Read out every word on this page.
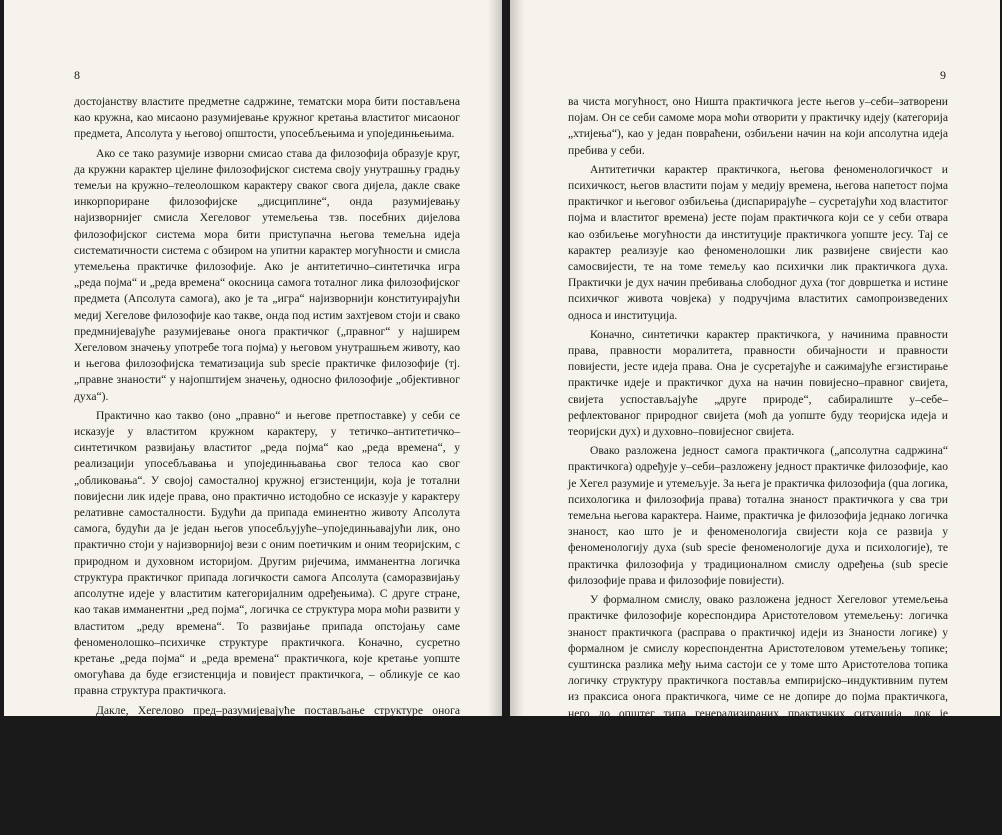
8

достојанству властите предметне садржине, тематски мора бити постављена као кружна, као мисаоно разумијевање кружног кретања властитог мисаоног предмета, Апсолута у његовој општости, упосебљењима и упојединњењима.

Ако се тако разумије изворни смисао става да филозофија образује круг, да кружни карактер цјелине филозофијског система своју унутрашњу градњу темељи на кружно–телеолошком карактеру сваког свога дијела, дакле сваке инкорпориране филозофијске „дисциплине“, онда разумијевању најизворнијег смисла Хегеловог утемељења тзв. посебних дијелова филозофијског система мора бити приступачна његова темељна идеја систематичности система с обзиром на упитни карактер могућности и смисла утемељења практичке филозофије. Ако је антитетично–синтетичка игра „реда појма“ и „реда времена“ окосница самога тоталног лика филозофијског предмета (Апсолута самога), ако је та „игра“ најизворнији конституирајући медиј Хегелове филозофије као такве, онда под истим захтјевом стоји и свако предмнијевајуће разумијевање онога практичког („правног“ у најширем Хегеловом значењу употребе тога појма) у његовом унутрашњем животу, као и његова филозофијска тематизација sub specie практичке филозофије (тј. „правне знаности“ у најопштијем значењу, односно филозофије „објективног духа“).

Практично као такво (оно „правно“ и његове претпоставке) у себи се исказује у властитом кружном карактеру, у тетичко–антитетичко–синтетичком развијању властитог „реда појма“ као „реда времена“, у реализацији упосебљавања и упојединњавања свог телоса као свог „обликовања“. У својој самосталној кружној егзистенцији, која је тотални повијесни лик идеје права, оно практично истодобно се исказује у карактеру релативне самосталности. Будући да припада еминентно животу Апсолута самога, будући да је један његов упосебљујуће–упојединњавајући лик, оно практично стоји у најизворнијој вези с оним поетичким и оним теоријским, с природном и духовном историјом. Другим ријечима, имманентна логичка структура практичког припада логичкости самога Апсолута (саморазвијању апсолутне идеје у властитим категоријалним одређењима). С друге стране, као такав имманентни „ред појма“, логичка се структура мора моћи развити у властитом „реду времена“. То развијање припада опстојању саме феноменолошко–психичке структуре практичкога. Коначно, сусретно кретање „реда појма“ и „реда времена“ практичкога, које кретање уопште омогућава да буде егзистенција и повијест практичкога, – обликује се као правна структура практичкога.

Дакле, Хегелово пред–разумијевајуће постављање структуре онога практичкога („правнога“) показује се као разложена једност практичкога у његовом логичком, феноменолошко–психичком и правном карактеру. Идентитет и диференција ових карактера почивају на тетичко–антитетичко–синтетичком гибљивом односу „реда појма“ и „реда времена“ самога практичкога. Тетички карактер практичкога, његова логичкост као њего-

9

ва чиста могућност, оно Ништа практичкога јесте његов у–себи–затворени појам. Он се себи самоме мора моћи отворити у практичку идеју (категорија „хтијења“), као у један повраћени, озбиљени начин на који апсолутна идеја пребива у себи.

Антитетички карактер практичкога, његова феноменологичкост и психичкост, његов властити појам у медију времена, његова напетост појма практичког и његовог озбиљења (диспарирајуће – сусретајући ход властитог појма и властитог времена) јесте појам практичкога који се у себи отвара као озбиљење могућности да институције практичкога уопште јесу. Тај се карактер реализује као феноменолошки лик развијене свијести као самосвијести, те на томе темељу као психички лик практичкога духа. Практички је дух начин пребивања слободног духа (тог довршетка и истине психичког живота човјека) у подручјима властитих самопроизведених односа и институција.

Коначно, синтетички карактер практичкога, у начинима правности права, правности моралитета, правности обичајности и правности повијести, јесте идеја права. Она је сусретајуће и сажимајуће егзистирање практичке идеје и практичког духа на начин повијесно–правног свијета, свијета успостављајуће „друге природе“, сабиралиште у–себе–рефлектованог природног свијета (моћ да уопште буду теоријска идеја и теоријски дух) и духовно–повијесног свијета.

Овако разложена једност самога практичкога („апсолутна садржина“ практичкога) одређује у–себи–разложену једност практичке филозофије, као је Хегел разумије и утемељује. За њега је практичка филозофија (qua логика, психологика и филозофија права) тотална знаност практичкога у сва три темељна његова карактера. Наиме, практичка је филозофија једнако логичка знаност, као што је и феноменологија свијести која се развија у феноменологију духа (sub specie феноменологије духа и психологије), те практичка филозофија у традиционалном смислу одређења (sub specie филозофије права и филозофије повијести).

У формалном смислу, овако разложена једност Хегеловог утемељења практичке филозофије кореспондира Аристотеловом утемељењу: логичка знаност практичкога (расправа о практичкој идеји из Знаности логике) у формалном је смислу кореспондентна Аристотеловом утемељењу топике; суштинска разлика међу њима састоји се у томе што Аристотелова топика логичку структуру практичкога поставља емпиријско–индуктивним путем из праксиса онога практичкога, чиме се не допире до појма практичкога, него до општег типа генерализираних практичких ситуација, док је Хегелова „топика“ спекулативна, јер се гради на самој појмовности практичкога. Феноменолошко–психолошка знаност практичкога (расправа о становишту самосвијести и на њему израслим практичко–духовним формама из Феноменологије духа, као и расправа у утемељењу психологије из Енциклопедије филозофских знаности) кореспондентна је у формалном смислу Аристотеловом учењу о души; разлика међу њима је у томе што је Аристотелова
